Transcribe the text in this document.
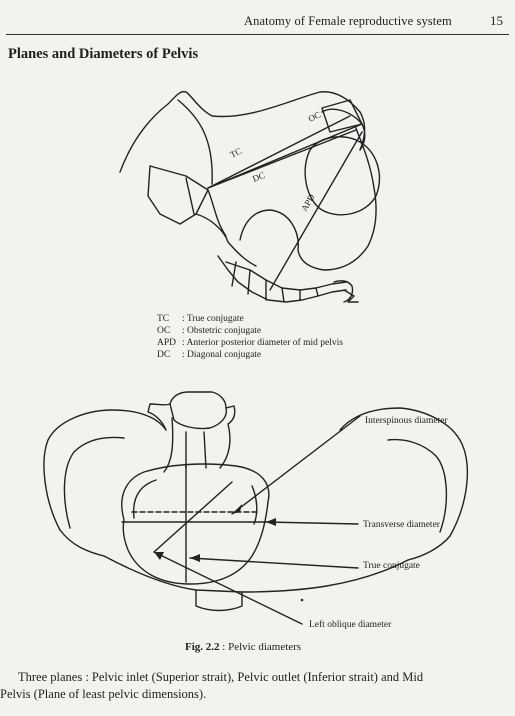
Anatomy of Female reproductive system	15
Planes and Diameters of Pelvis
TC
OC
DC
APD
TC : True conjugate
OC : Obstetric conjugate
APD : Anterior posterior diameter of mid pelvis
DC : Diagonal conjugate
Interspinous diameter
Transverse diameter
True conjugate
Left oblique diameter
Fig. 2.2 : Pelvic diameters
Three planes : Pelvic inlet (Superior strait), Pelvic outlet (Inferior strait) and Mid
Pelvis (Plane of least pelvic dimensions).
